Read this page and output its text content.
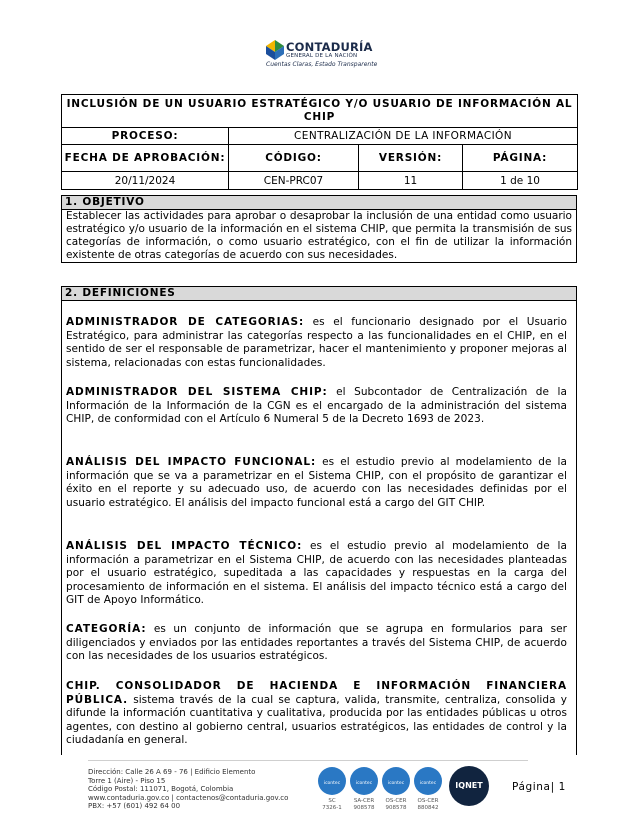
CONTADURÍA
GENERAL DE LA NACIÓN
Cuentas Claras, Estado Transparente
INCLUSIÓN DE UN USUARIO ESTRATÉGICO Y/O USUARIO DE INFORMACIÓN AL CHIP			
PROCESO:	CENTRALIZACIÓN DE LA INFORMACIÓN		
FECHA DE APROBACIÓN:	CÓDIGO:	VERSIÓN:	PÁGINA:
20/11/2024	CEN-PRC07	11	1 de 10
1. OBJETIVO
Establecer las actividades para aprobar o desaprobar la inclusión de una entidad como usuario estratégico y/o usuario de la información en el sistema CHIP, que permita la transmisión de sus categorías de información, o como usuario estratégico, con el fin de utilizar la información existente de otras categorías de acuerdo con sus necesidades.
2. DEFINICIONES
ADMINISTRADOR DE CATEGORIAS: es el funcionario designado por el Usuario Estratégico, para administrar las categorías respecto a las funcionalidades en el CHIP, en el sentido de ser el responsable de parametrizar, hacer el mantenimiento y proponer mejoras al sistema, relacionadas con estas funcionalidades.
ADMINISTRADOR DEL SISTEMA CHIP: el Subcontador de Centralización de la Información de la Información de la CGN es el encargado de la administración del sistema CHIP, de conformidad con el Artículo 6 Numeral 5 de la Decreto 1693 de 2023.
ANÁLISIS DEL IMPACTO FUNCIONAL: es el estudio previo al modelamiento de la información que se va a parametrizar en el Sistema CHIP, con el propósito de garantizar el éxito en el reporte y su adecuado uso, de acuerdo con las necesidades definidas por el usuario estratégico. El análisis del impacto funcional está a cargo del GIT CHIP.
ANÁLISIS DEL IMPACTO TÉCNICO: es el estudio previo al modelamiento de la información a parametrizar en el Sistema CHIP, de acuerdo con las necesidades planteadas por el usuario estratégico, supeditada a las capacidades y respuestas en la carga del procesamiento de información en el sistema. El análisis del impacto técnico está a cargo del GIT de Apoyo Informático.
CATEGORÍA: es un conjunto de información que se agrupa en formularios para ser diligenciados y enviados por las entidades reportantes a través del Sistema CHIP, de acuerdo con las necesidades de los usuarios estratégicos.
CHIP. CONSOLIDADOR DE HACIENDA E INFORMACIÓN FINANCIERA PÚBLICA. sistema través de la cual se captura, valida, transmite, centraliza, consolida y difunde la información cuantitativa y cualitativa, producida por las entidades públicas u otros agentes, con destino al gobierno central, usuarios estratégicos, las entidades de control y la ciudadanía en general.
Dirección: Calle 26 A 69 - 76 | Edificio Elemento
Torre 1 (Aire) - Piso 15
Código Postal: 111071, Bogotá, Colombia
www.contaduria.gov.co | contactenos@contaduria.gov.co
PBX: +57 (601) 492 64 00
icontec	icontec	icontec	icontec
SC
7326-1
SA-CER
908578
OS-CER
908578
OS-CER
880842
IQNET	Página| 1
